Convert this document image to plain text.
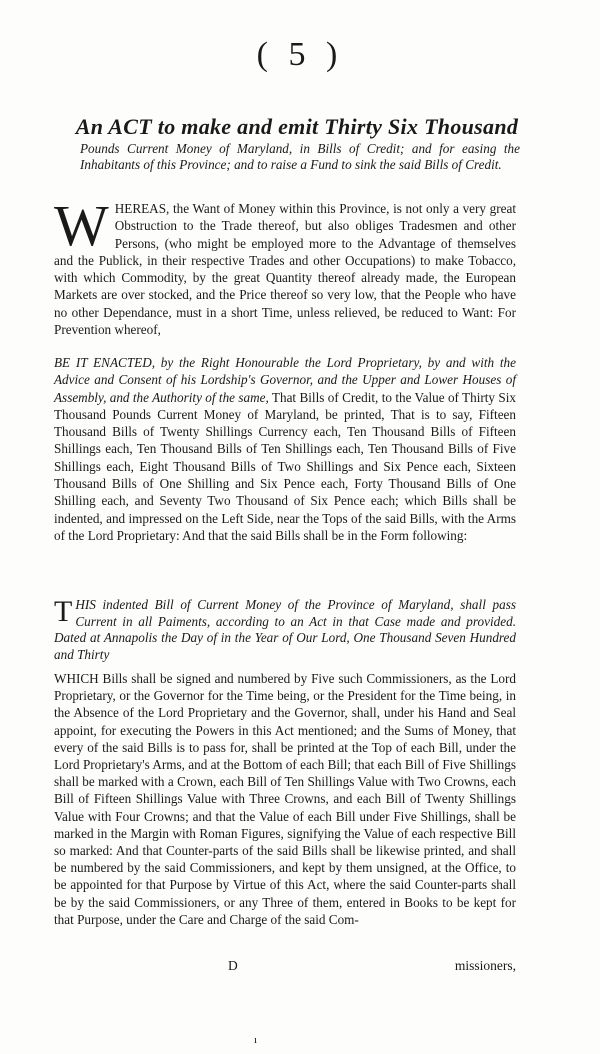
( 5 )
An ACT to make and emit Thirty Six Thousand
Pounds Current Money of Maryland, in Bills of Credit; and for easing the Inhabitants of this Province; and to raise a Fund to sink the said Bills of Credit.
WHEREAS, the Want of Money within this Province, is not only a very great Obstruction to the Trade thereof, but also obliges Tradesmen and other Persons, (who might be employed more to the Advantage of themselves and the Publick, in their respective Trades and other Occupations) to make Tobacco, with which Commodity, by the great Quantity thereof already made, the European Markets are over stocked, and the Price thereof so very low, that the People who have no other Dependance, must in a short Time, unless relieved, be reduced to Want: For Prevention whereof,
BE IT ENACTED, by the Right Honourable the Lord Proprietary, by and with the Advice and Consent of his Lordship's Governor, and the Upper and Lower Houses of Assembly, and the Authority of the same, That Bills of Credit, to the Value of Thirty Six Thousand Pounds Current Money of Maryland, be printed, That is to say, Fifteen Thousand Bills of Twenty Shillings Currency each, Ten Thousand Bills of Fifteen Shillings each, Ten Thousand Bills of Ten Shillings each, Ten Thousand Bills of Five Shillings each, Eight Thousand Bills of Two Shillings and Six Pence each, Sixteen Thousand Bills of One Shilling and Six Pence each, Forty Thousand Bills of One Shilling each, and Seventy Two Thousand of Six Pence each; which Bills shall be indented, and impressed on the Left Side, near the Tops of the said Bills, with the Arms of the Lord Proprietary: And that the said Bills shall be in the Form following:
THIS indented Bill of Current Money of the Province of Maryland, shall pass Current in all Paiments, according to an Act in that Case made and provided. Dated at Annapolis the Day of in the Year of Our Lord, One Thousand Seven Hundred and Thirty
WHICH Bills shall be signed and numbered by Five such Commissioners, as the Lord Proprietary, or the Governor for the Time being, or the President for the Time being, in the Absence of the Lord Proprietary and the Governor, shall, under his Hand and Seal appoint, for executing the Powers in this Act mentioned; and the Sums of Money, that every of the said Bills is to pass for, shall be printed at the Top of each Bill, under the Lord Proprietary's Arms, and at the Bottom of each Bill; that each Bill of Five Shillings shall be marked with a Crown, each Bill of Ten Shillings Value with Two Crowns, each Bill of Fifteen Shillings Value with Three Crowns, and each Bill of Twenty Shillings Value with Four Crowns; and that the Value of each Bill under Five Shillings, shall be marked in the Margin with Roman Figures, signifying the Value of each respective Bill so marked: And that Counter-parts of the said Bills shall be likewise printed, and shall be numbered by the said Commissioners, and kept by them unsigned, at the Office, to be appointed for that Purpose by Virtue of this Act, where the said Counter-parts shall be by the said Commissioners, or any Three of them, entered in Books to be kept for that Purpose, under the Care and Charge of the said Com-
D	missioners,
ı
